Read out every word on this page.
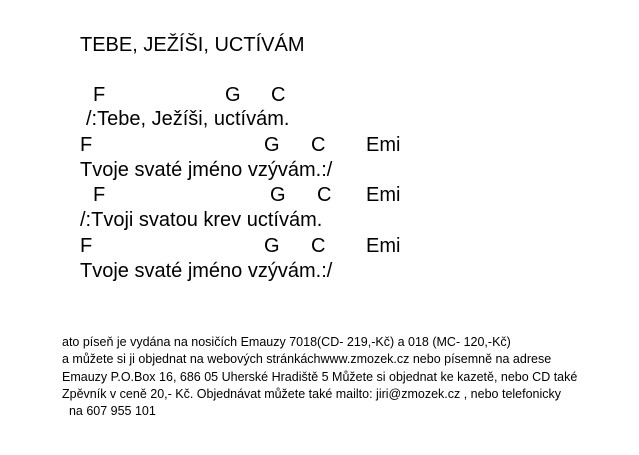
TEBE, JEŽÍŠI, UCTÍVÁM
F	G C
/:Tebe, Ježíši, uctívám.
F	G C Emi
Tvoje svaté jméno vzývám.:/
F	G C Emi
/:Tvoji svatou krev uctívám.
F	G C Emi
Tvoje svaté jméno vzývám.:/
ato píseň je vydána na nosičích Emauzy 7018(CD- 219,-Kč) a 018 (MC- 120,-Kč)
a můžete si ji objednat na webových stránkáchwww.zmozek.cz nebo písemně na adrese
Emauzy P.O.Box 16, 686 05 Uherské Hradiště 5 Můžete si objednat ke kazetě, nebo CD také
Zpěvník v ceně 20,- Kč. Objednávat můžete také mailto: jiri@zmozek.cz , nebo telefonicky
na 607 955 101
